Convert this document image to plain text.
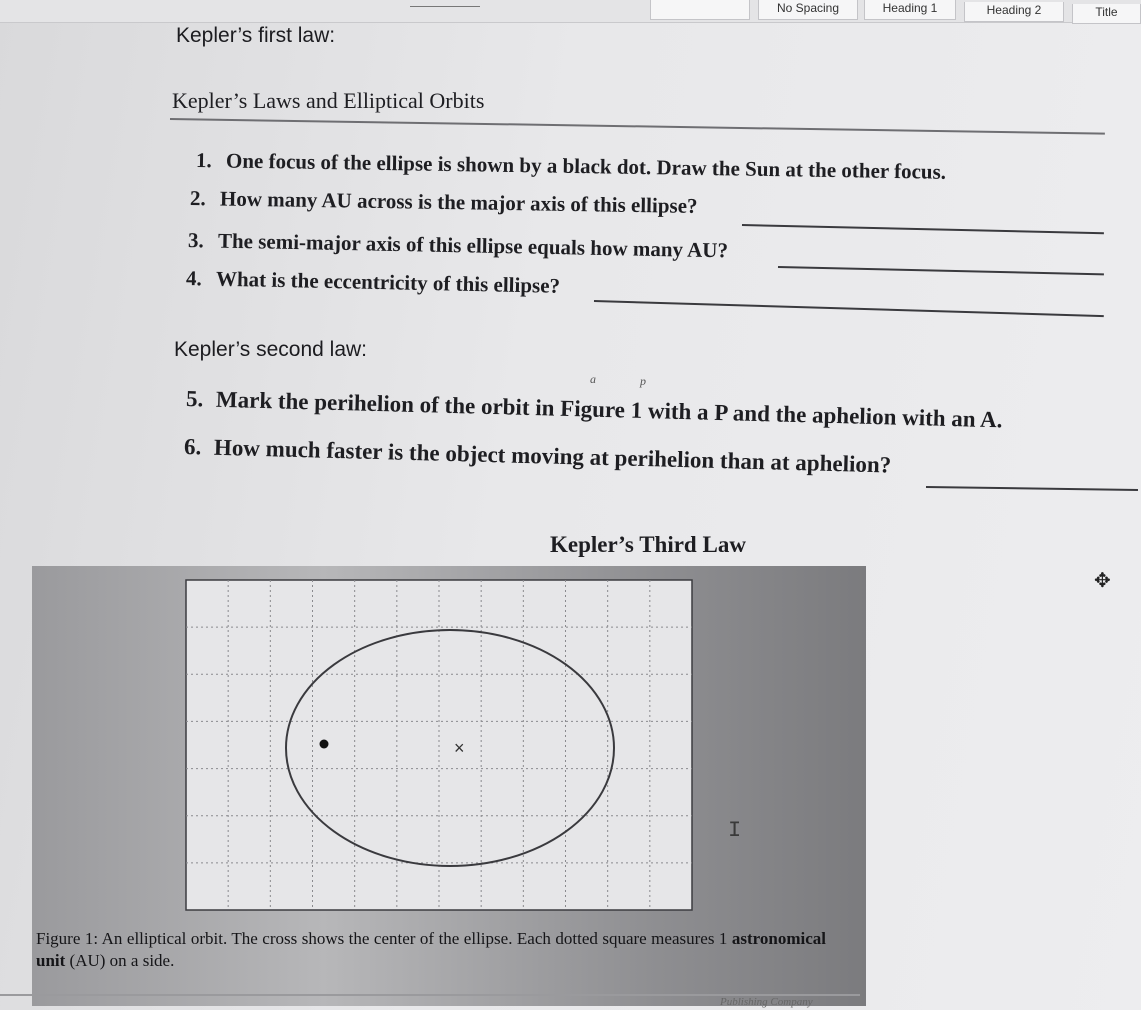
No Spacing	Heading 1	Heading 2	Title
Kepler’s first law:
Kepler’s Laws and Elliptical Orbits
1. One focus of the ellipse is shown by a black dot. Draw the Sun at the other focus.
2. How many AU across is the major axis of this ellipse?
3. The semi-major axis of this ellipse equals how many AU?
4. What is the eccentricity of this ellipse?
Kepler’s second law:
a	p
5. Mark the perihelion of the orbit in Figure 1 with a P and the aphelion with an A.
6. How much faster is the object moving at perihelion than at aphelion?
Kepler’s Third Law
×
Figure 1: An elliptical orbit. The cross shows the center of the ellipse. Each dotted square measures 1 astronomical unit (AU) on a side.
I
✥
Publishing Company
